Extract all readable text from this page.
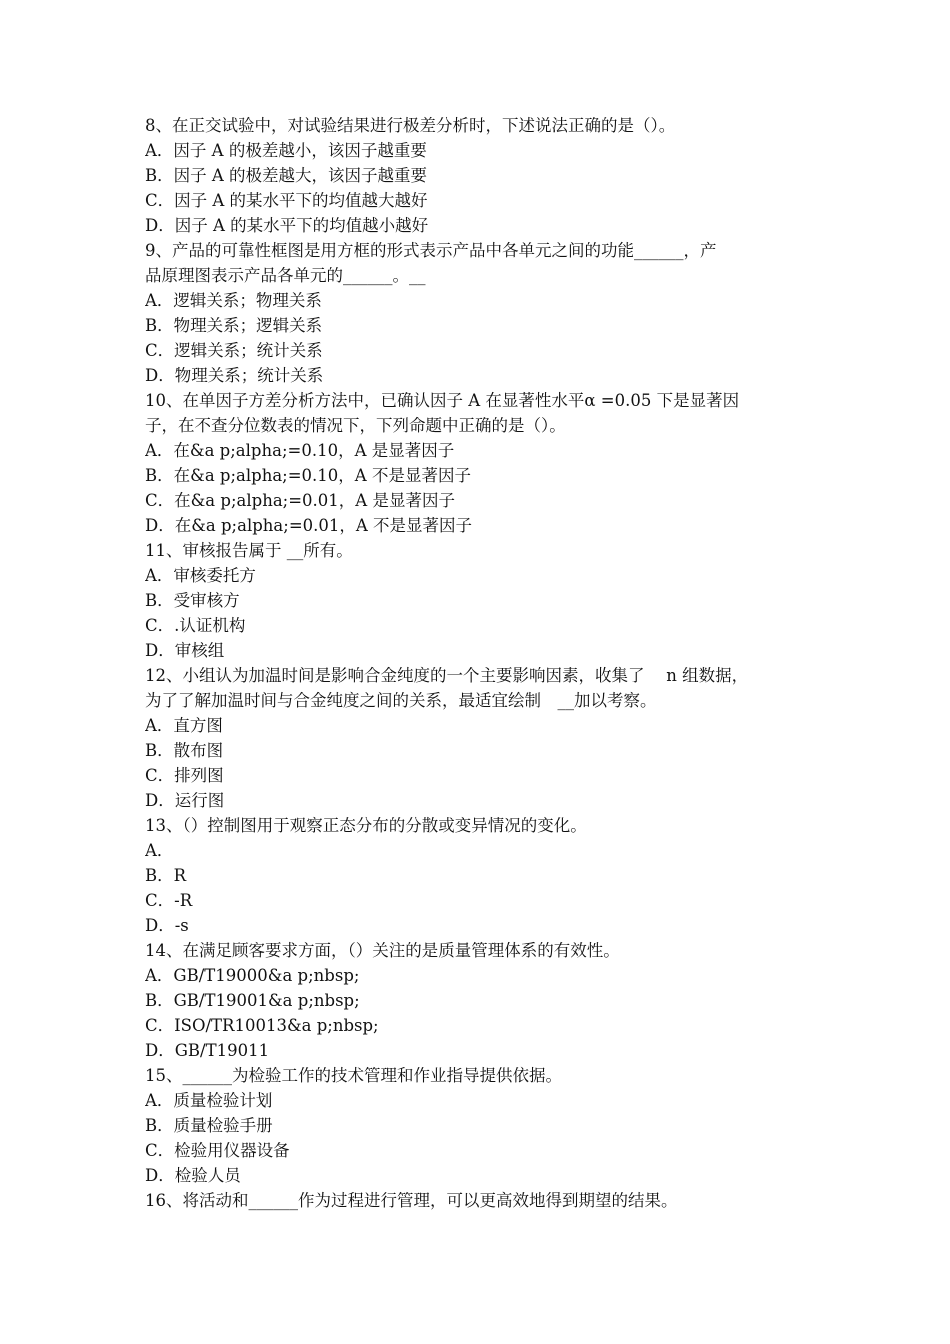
8、在正交试验中，对试验结果进行极差分析时，下述说法正确的是（）。
A．因子 A 的极差越小，该因子越重要
B．因子 A 的极差越大，该因子越重要
C．因子 A 的某水平下的均值越大越好
D．因子 A 的某水平下的均值越小越好
9、产品的可靠性框图是用方框的形式表示产品中各单元之间的功能______，产
品原理图表示产品各单元的______。__
A．逻辑关系；物理关系
B．物理关系；逻辑关系
C．逻辑关系；统计关系
D．物理关系；统计关系
10、在单因子方差分析方法中，已确认因子 A 在显著性水平α =0.05 下是显著因
子，在不查分位数表的情况下，下列命题中正确的是（）。
A．在&a p;alpha;=0.10，A 是显著因子
B．在&a p;alpha;=0.10，A 不是显著因子
C．在&a p;alpha;=0.01，A 是显著因子
D．在&a p;alpha;=0.01，A 不是显著因子
11、审核报告属于 __所有。
A．审核委托方
B．受审核方
C．.认证机构
D．审核组
12、小组认为加温时间是影响合金纯度的一个主要影响因素，收集了　 n 组数据，
为了了解加温时间与合金纯度之间的关系，最适宜绘制　__加以考察。
A．直方图
B．散布图
C．排列图
D．运行图
13、（）控制图用于观察正态分布的分散或变异情况的变化。
A．
B．R
C．-R
D．-s
14、在满足顾客要求方面，（）关注的是质量管理体系的有效性。
A．GB/T19000&a p;nbsp;
B．GB/T19001&a p;nbsp;
C．ISO/TR10013&a p;nbsp;
D．GB/T19011
15、______为检验工作的技术管理和作业指导提供依据。
A．质量检验计划
B．质量检验手册
C．检验用仪器设备
D．检验人员
16、将活动和______作为过程进行管理，可以更高效地得到期望的结果。
